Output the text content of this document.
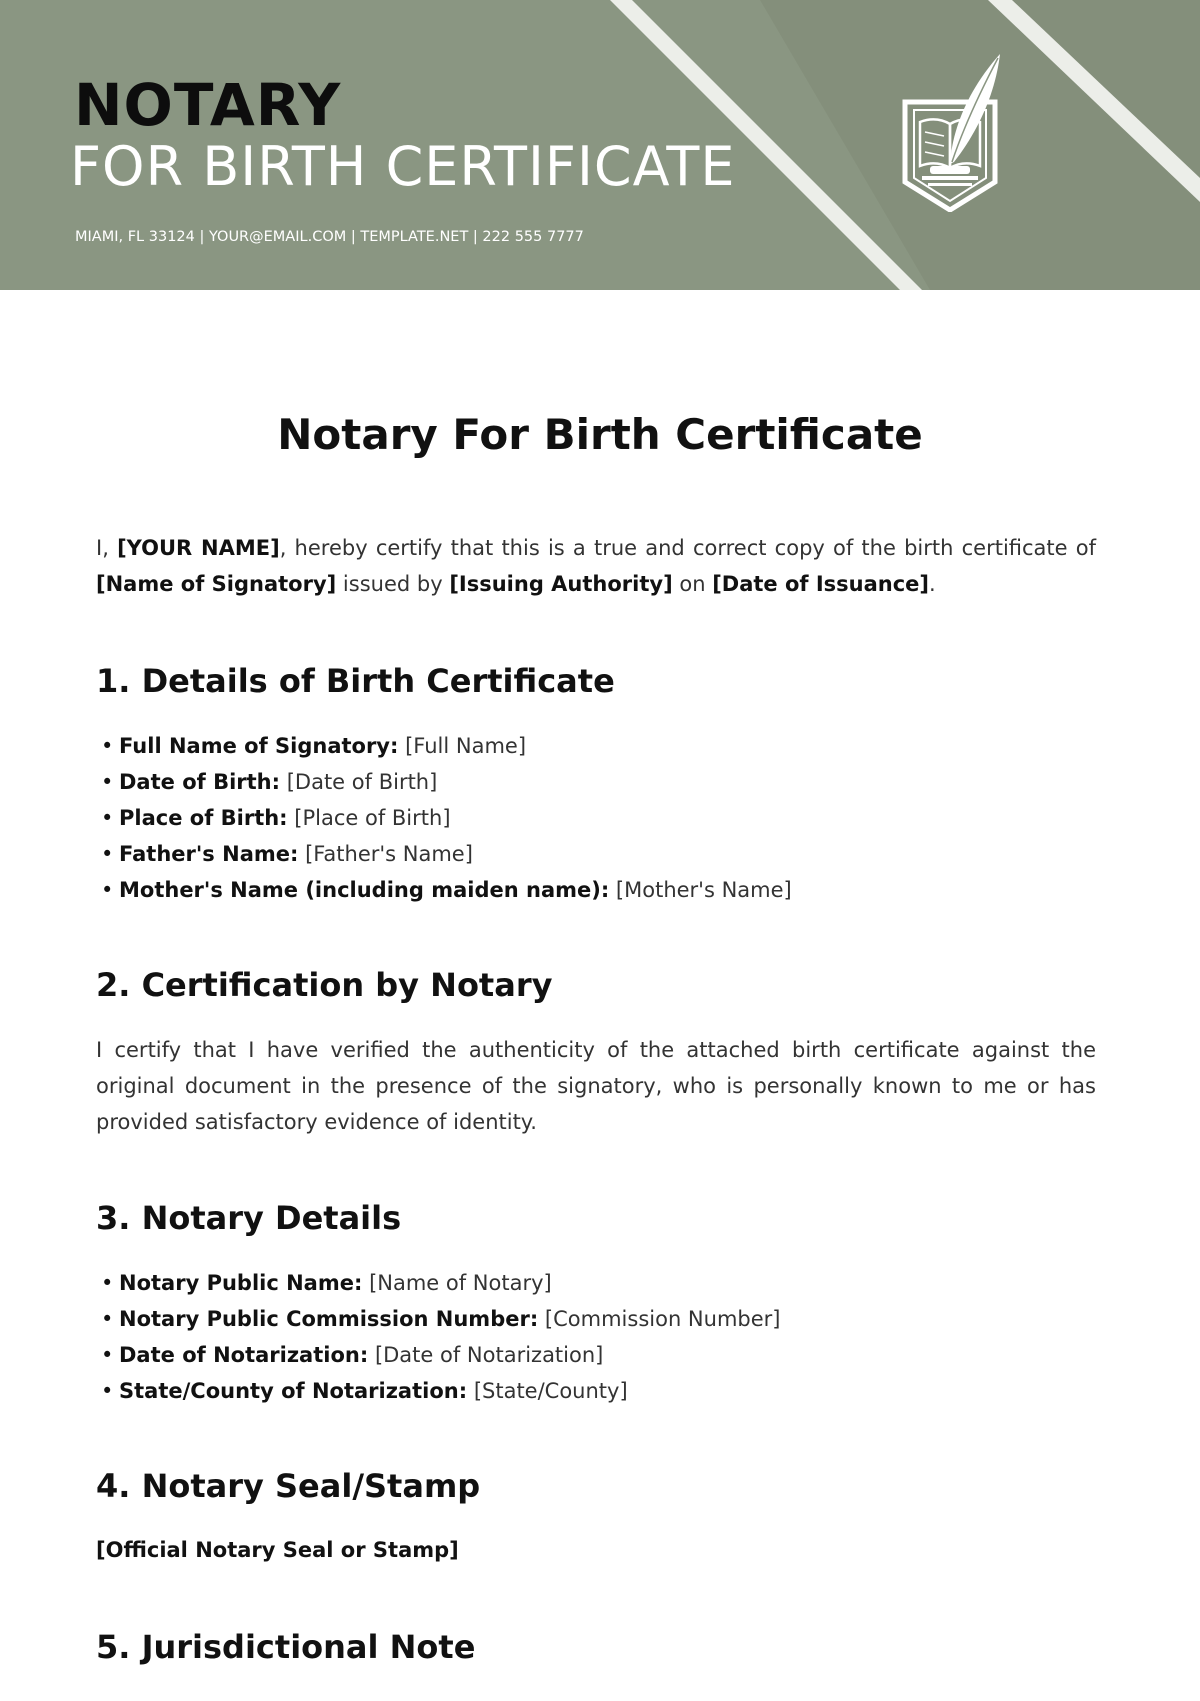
NOTARY
FOR BIRTH CERTIFICATE
MIAMI, FL 33124 | YOUR@EMAIL.COM | TEMPLATE.NET | 222 555 7777
Notary For Birth Certificate

I, [YOUR NAME], hereby certify that this is a true and correct copy of the birth certificate of [Name of Signatory] issued by [Issuing Authority] on [Date of Issuance].

1. Details of Birth Certificate
• Full Name of Signatory: [Full Name]
• Date of Birth: [Date of Birth]
• Place of Birth: [Place of Birth]
• Father's Name: [Father's Name]
• Mother's Name (including maiden name): [Mother's Name]
2. Certification by Notary

I certify that I have verified the authenticity of the attached birth certificate against the original document in the presence of the signatory, who is personally known to me or has provided satisfactory evidence of identity.

3. Notary Details
• Notary Public Name: [Name of Notary]
• Notary Public Commission Number: [Commission Number]
• Date of Notarization: [Date of Notarization]
• State/County of Notarization: [State/County]
4. Notary Seal/Stamp

[Official Notary Seal or Stamp]

5. Jurisdictional Note
